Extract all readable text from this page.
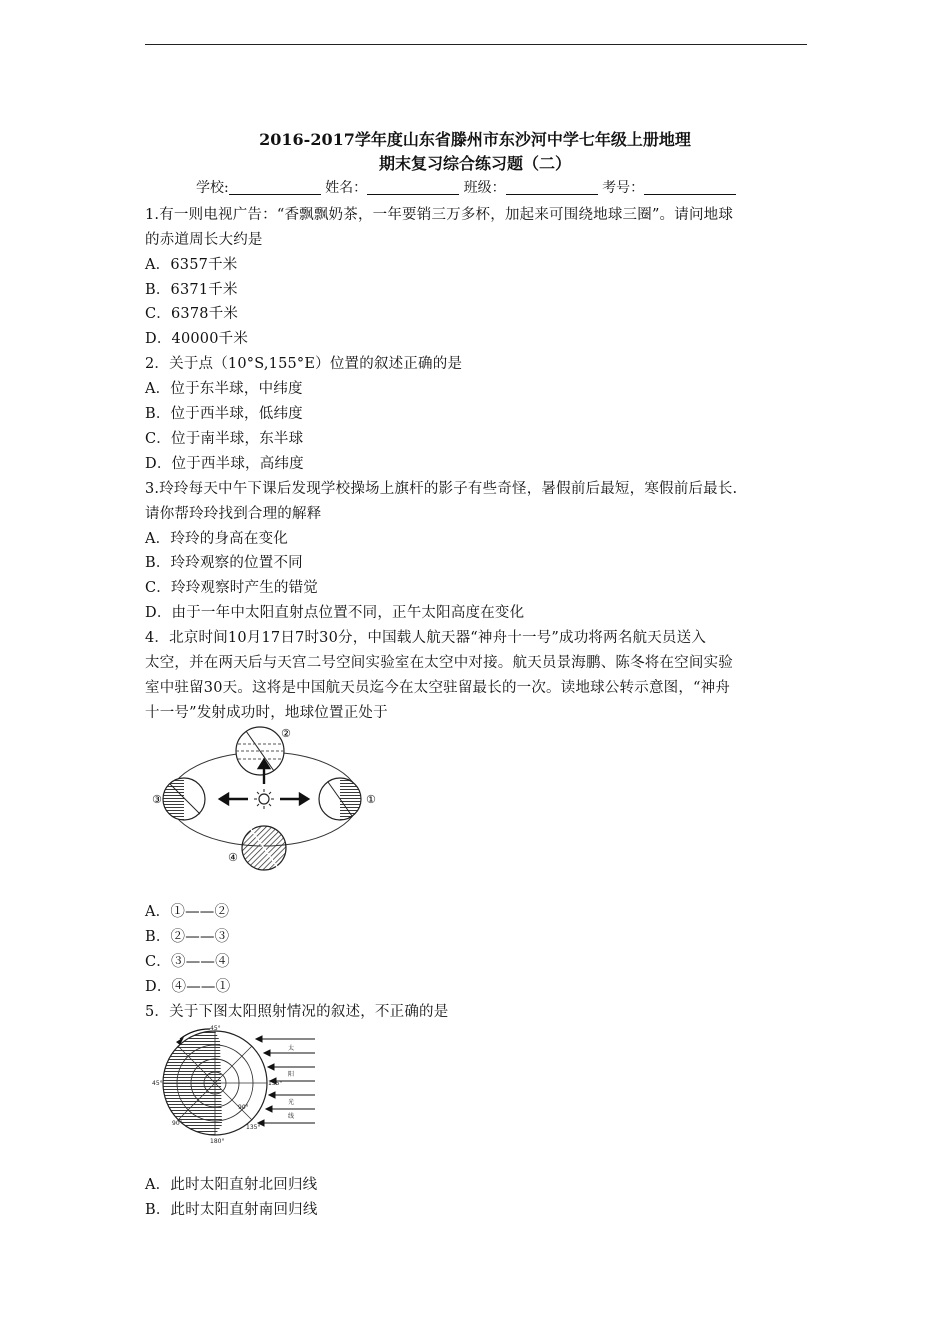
2016-2017学年度山东省滕州市东沙河中学七年级上册地理
期末复习综合练习题（二）
学校:	姓名：	班级：	考号：
1.有一则电视广告：“香飘飘奶茶，一年要销三万多杯，加起来可围绕地球三圈”。请问地球
的赤道周长大约是
A．6357千米
B．6371千米
C．6378千米
D．40000千米
2．关于点（10°S,155°E）位置的叙述正确的是
A．位于东半球，中纬度
B．位于西半球，低纬度
C．位于南半球，东半球
D．位于西半球，高纬度
3.玲玲每天中午下课后发现学校操场上旗杆的影子有些奇怪，暑假前后最短，寒假前后最长.
请你帮玲玲找到合理的解释
A．玲玲的身高在变化
B．玲玲观察的位置不同
C．玲玲观察时产生的错觉
D．由于一年中太阳直射点位置不同，正午太阳高度在变化
4．北京时间10月17日7时30分，中国载人航天器“神舟十一号”成功将两名航天员送入
太空，并在两天后与天宫二号空间实验室在太空中对接。航天员景海鹏、陈冬将在空间实验
室中驻留30天。这将是中国航天员迄今在太空驻留最长的一次。读地球公转示意图，“神舟
十一号”发射成功时，地球位置正处于
②
③	①
④
A．①——②
B．②——③
C．③——④
D．④——①
5．关于下图太阳照射情况的叙述，不正确的是
45°
90°
135°
180°
45°
90°
135°
太
阳
光
线
A．此时太阳直射北回归线
B．此时太阳直射南回归线
